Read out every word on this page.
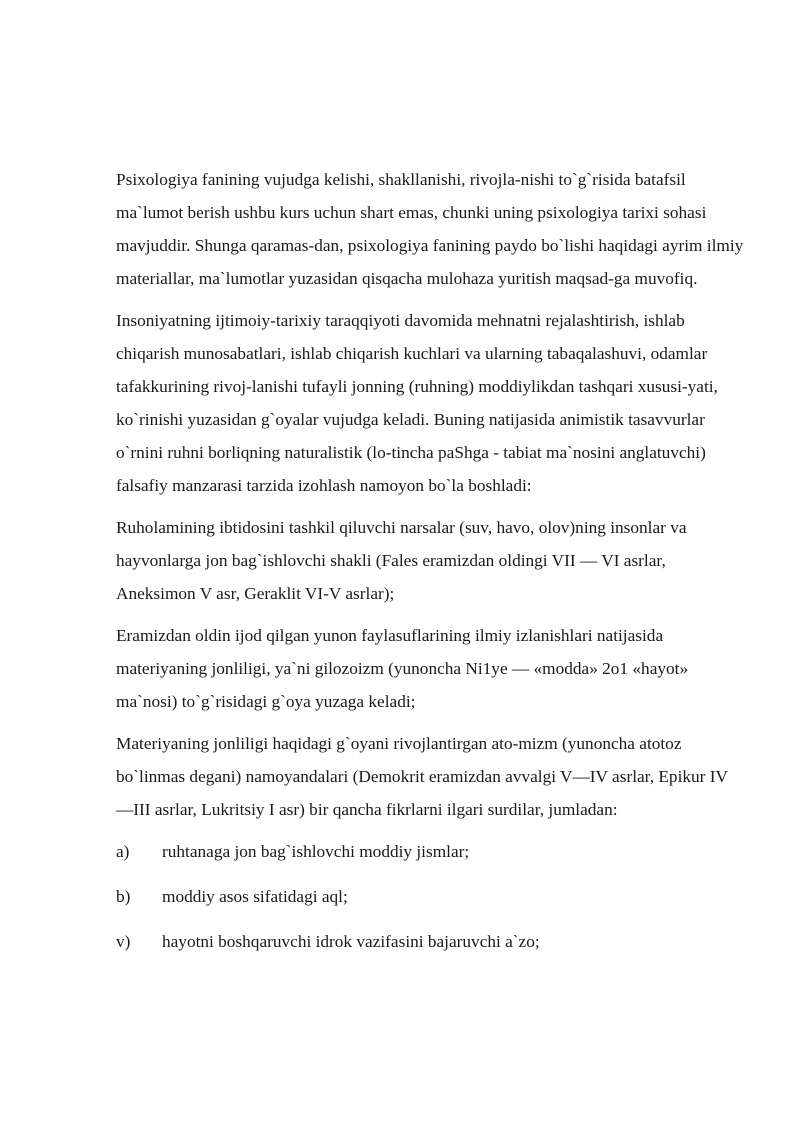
Psixologiya fanining vujudga kelishi, shakllanishi, rivojla-nishi to`g`risida batafsil ma`lumot berish ushbu kurs uchun shart emas, chunki uning psixologiya tarixi sohasi mavjuddir. Shunga qaramas-dan, psixologiya fanining paydo bo`lishi haqidagi ayrim ilmiy materiallar, ma`lumotlar yuzasidan qisqacha mulohaza yuritish maqsad-ga muvofiq.

Insoniyatning ijtimoiy-tarixiy taraqqiyoti davomida mehnatni rejalashtirish, ishlab chiqarish munosabatlari, ishlab chiqarish kuchlari va ularning tabaqalashuvi, odamlar tafakkurining rivoj-lanishi tufayli jonning (ruhning) moddiylikdan tashqari xususi-yati, ko`rinishi yuzasidan g`oyalar vujudga keladi. Buning natijasida animistik tasavvurlar o`rnini ruhni borliqning naturalistik (lo-tincha paShga - tabiat ma`nosini anglatuvchi) falsafiy manzarasi tarzida izohlash namoyon bo`la boshladi:

Ruholamining ibtidosini tashkil qiluvchi narsalar (suv, havo, olov)ning insonlar va hayvonlarga jon bag`ishlovchi shakli (Fales eramizdan oldingi VII — VI asrlar, Aneksimon V asr, Geraklit VI-V asrlar);

Eramizdan oldin ijod qilgan yunon faylasuflarining ilmiy izlanishlari natijasida materiyaning jonliligi, ya`ni gilozoizm (yunoncha Ni1ye — «modda» 2o1 «hayot» ma`nosi) to`g`risidagi g`oya yuzaga keladi;

Materiyaning jonliligi haqidagi g`oyani rivojlantirgan ato-mizm (yunoncha atotoz bo`linmas degani) namoyandalari (Demokrit eramizdan avvalgi V—IV asrlar, Epikur IV—III asrlar, Lukritsiy I asr) bir qancha fikrlarni ilgari surdilar, jumladan:

a) ruhtanaga jon bag`ishlovchi moddiy jismlar;
b) moddiy asos sifatidagi aql;
v) hayotni boshqaruvchi idrok vazifasini bajaruvchi a`zo;
